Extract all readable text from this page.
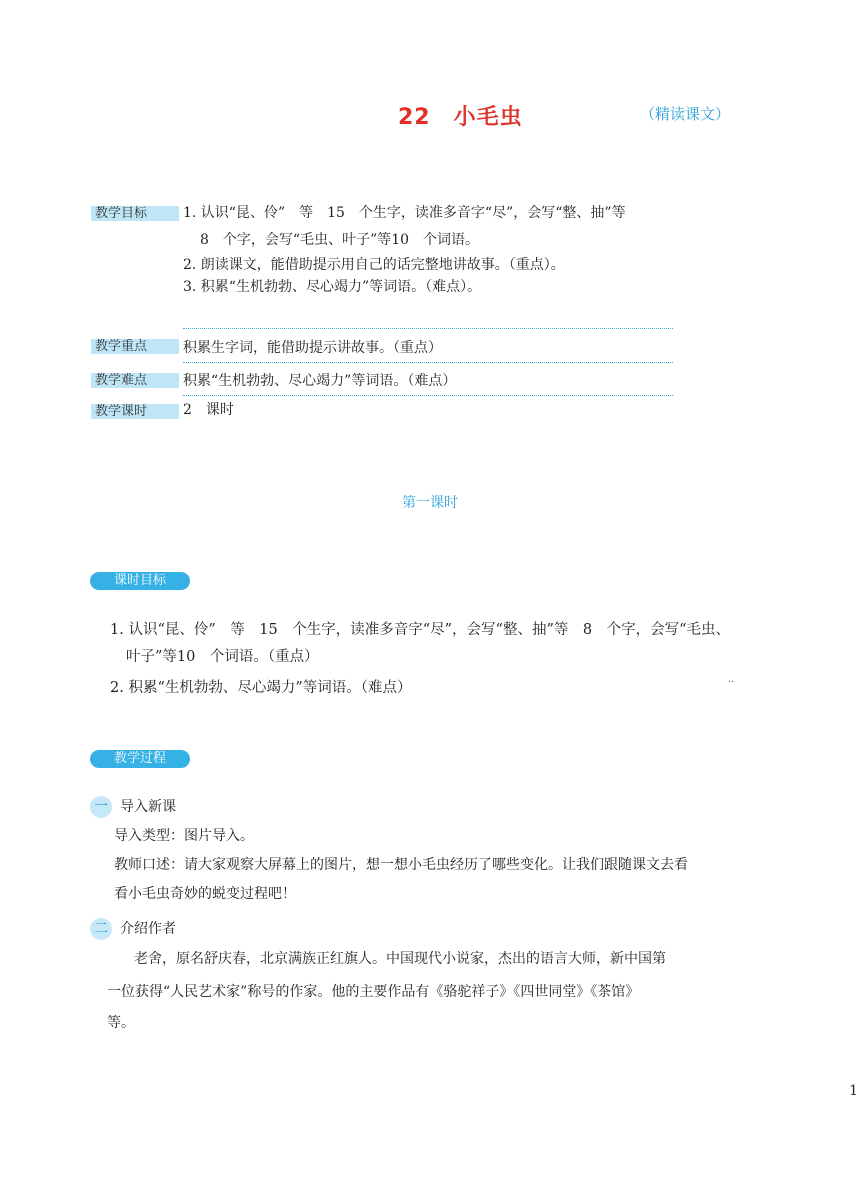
22　小毛虫	（精读课文）
教学目标	1. 认识“昆、伶”　等　15　个生字，读准多音字“尽”，会写“整、抽”等
8　个字，会写“毛虫、叶子”等10　个词语。
2. 朗读课文，能借助提示用自己的话完整地讲故事。（重点）。
3. 积累“生机勃勃、尽心竭力”等词语。（难点）。
教学重点	积累生字词，能借助提示讲故事。（重点）
教学难点	积累“生机勃勃、尽心竭力”等词语。（难点）
教学课时	2　课时
第一课时
课时目标
1. 认识“昆、伶”　等　15　个生字，读准多音字“尽”，会写“整、抽”等　8　个字，会写“毛虫、
叶子”等10　个词语。（重点）
2. 积累“生机勃勃、尽心竭力”等词语。（难点）	··
教学过程
一 导入新课
导入类型：图片导入。
教师口述：请大家观察大屏幕上的图片，想一想小毛虫经历了哪些变化。让我们跟随课文去看
看小毛虫奇妙的蜕变过程吧！
二 介绍作者
老舍，原名舒庆春，北京满族正红旗人。中国现代小说家，杰出的语言大师，新中国第
一位获得“人民艺术家”称号的作家。他的主要作品有《骆驼祥子》《四世同堂》《茶馆》
等。
1
